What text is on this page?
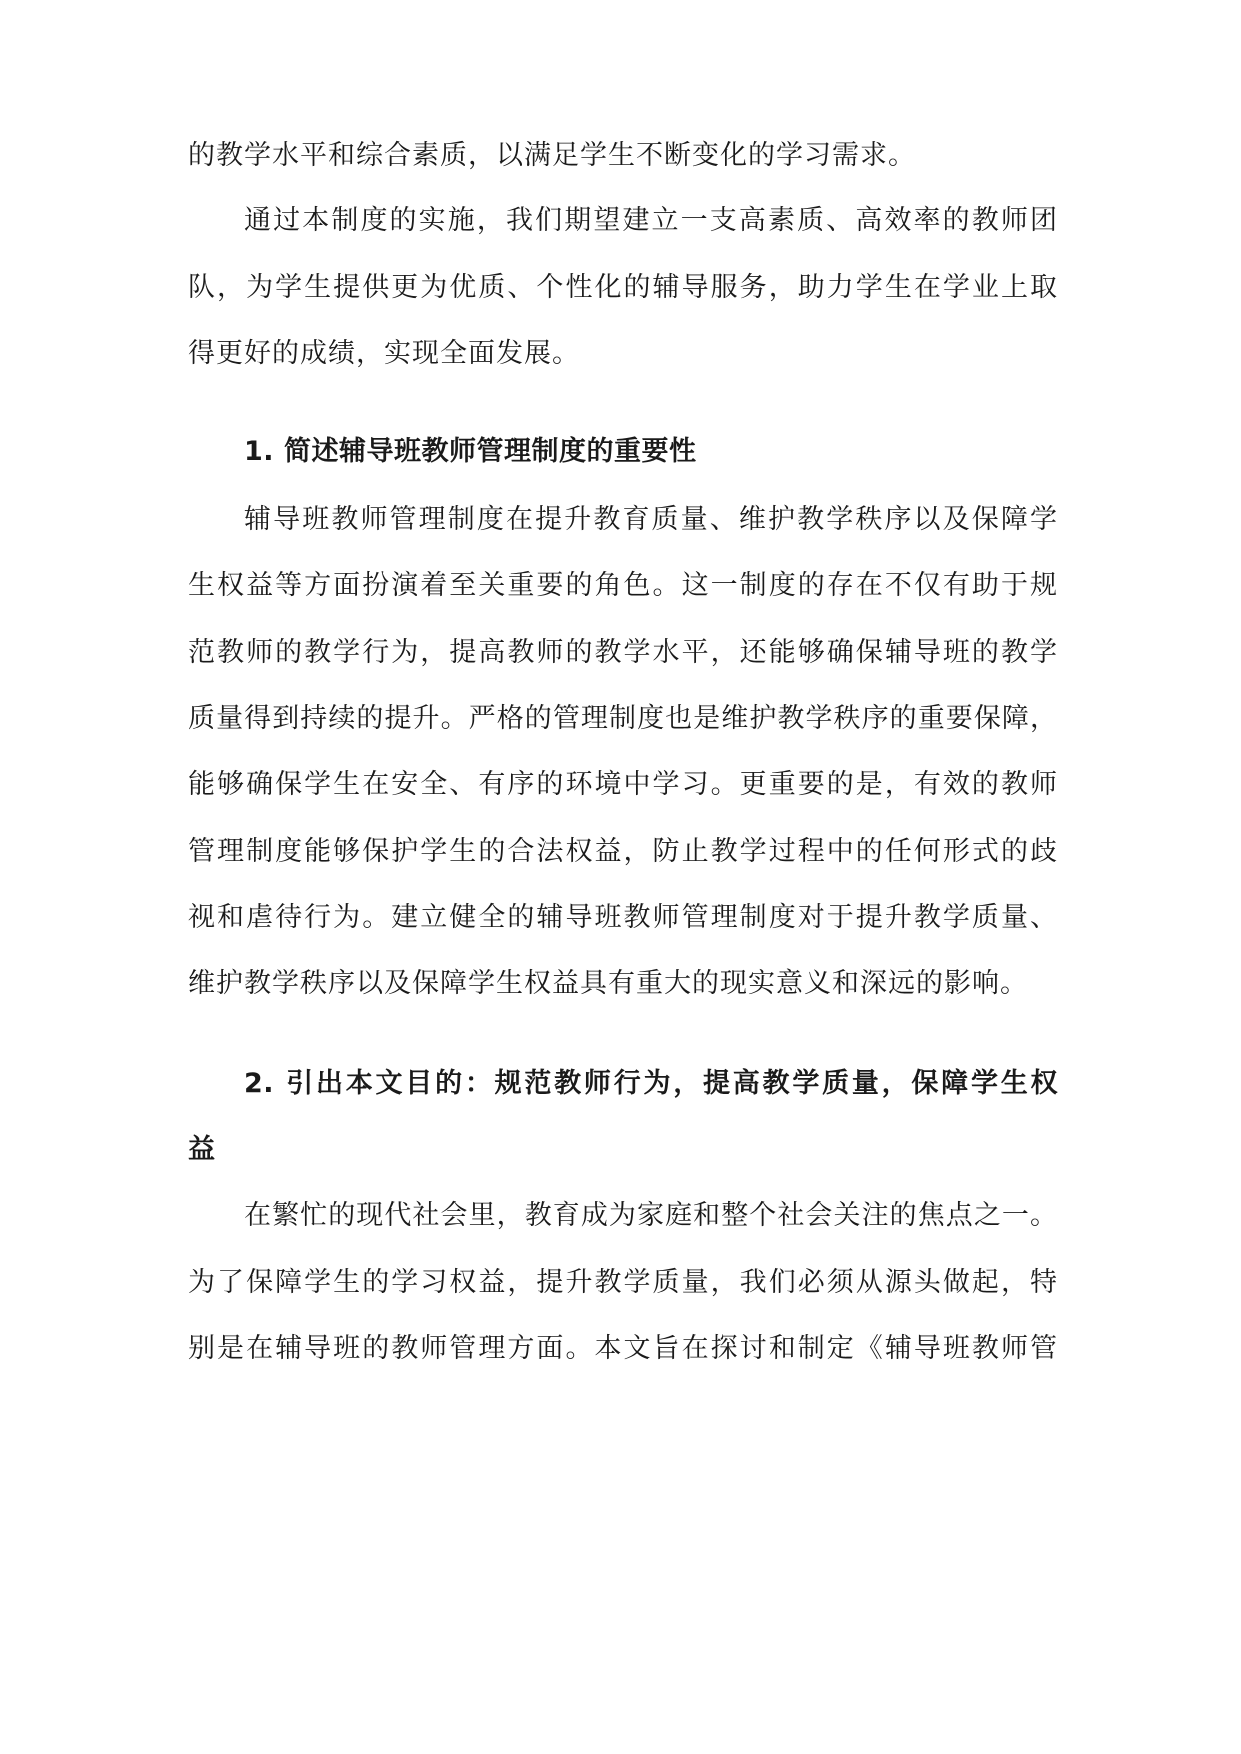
的教学水平和综合素质，以满足学生不断变化的学习需求。
通过本制度的实施，我们期望建立一支高素质、高效率的教师团
队，为学生提供更为优质、个性化的辅导服务，助力学生在学业上取
得更好的成绩，实现全面发展。
1. 简述辅导班教师管理制度的重要性
辅导班教师管理制度在提升教育质量、维护教学秩序以及保障学
生权益等方面扮演着至关重要的角色。这一制度的存在不仅有助于规
范教师的教学行为，提高教师的教学水平，还能够确保辅导班的教学
质量得到持续的提升。严格的管理制度也是维护教学秩序的重要保障，
能够确保学生在安全、有序的环境中学习。更重要的是，有效的教师
管理制度能够保护学生的合法权益，防止教学过程中的任何形式的歧
视和虐待行为。建立健全的辅导班教师管理制度对于提升教学质量、
维护教学秩序以及保障学生权益具有重大的现实意义和深远的影响。
2. 引出本文目的：规范教师行为，提高教学质量，保障学生权
益
在繁忙的现代社会里，教育成为家庭和整个社会关注的焦点之一。
为了保障学生的学习权益，提升教学质量，我们必须从源头做起，特
别是在辅导班的教师管理方面。本文旨在探讨和制定《辅导班教师管
